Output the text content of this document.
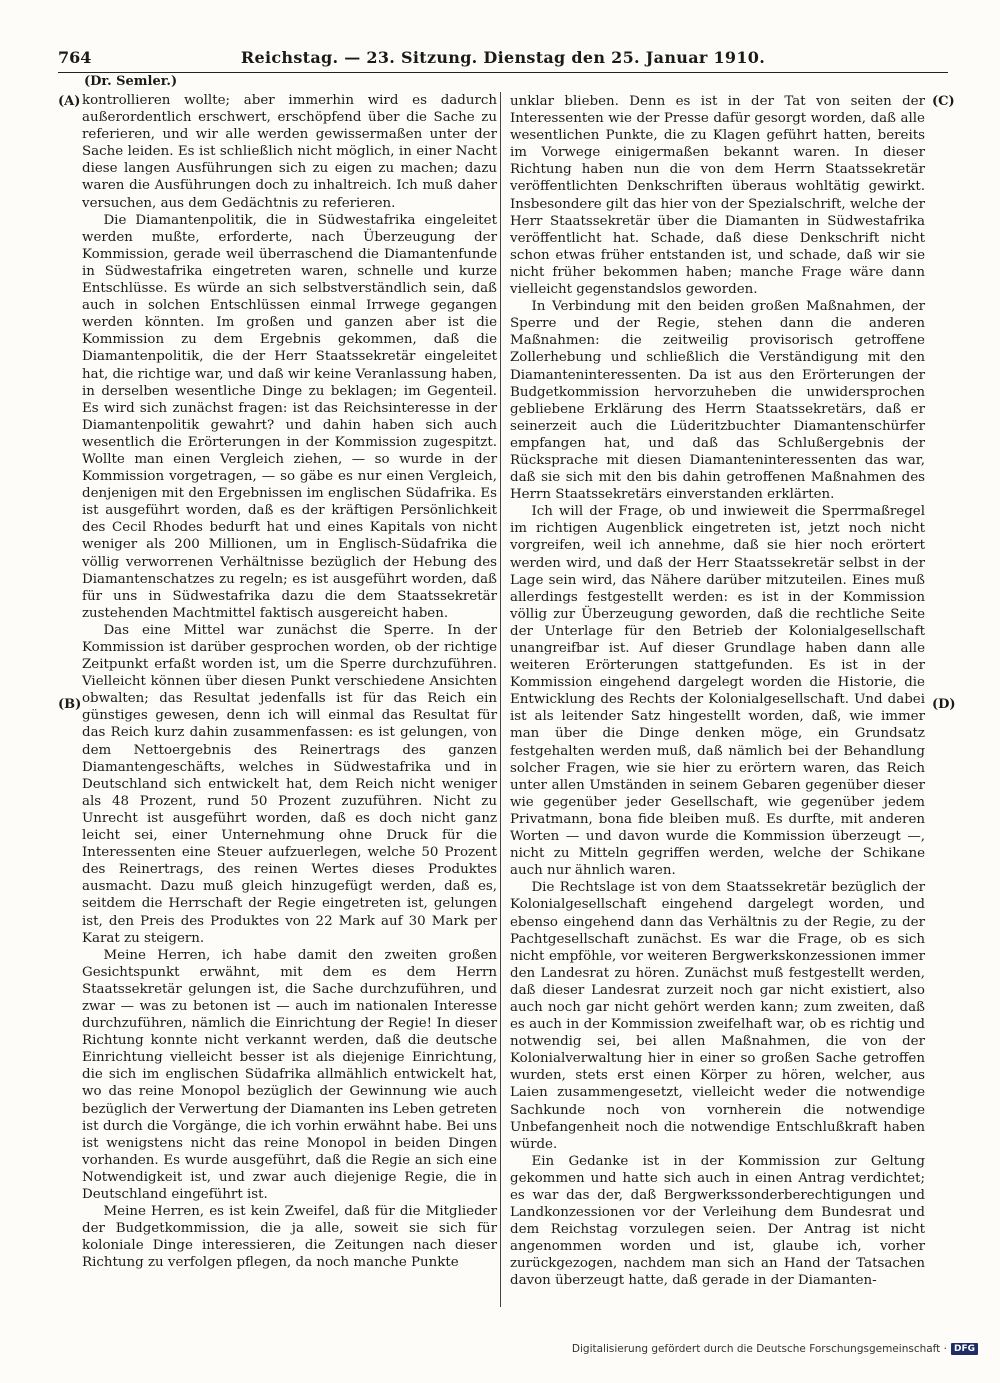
764	Reichstag. — 23. Sitzung. Dienstag den 25. Januar 1910.
(Dr. Semler.)
(A)
(B)
(C)
(D)

kontrollieren wollte; aber immerhin wird es dadurch außerordentlich erschwert, erschöpfend über die Sache zu referieren, und wir alle werden gewissermaßen unter der Sache leiden. Es ist schließlich nicht möglich, in einer Nacht diese langen Ausführungen sich zu eigen zu machen; dazu waren die Ausführungen doch zu inhaltreich. Ich muß daher versuchen, aus dem Gedächtnis zu referieren.

Die Diamantenpolitik, die in Südwestafrika eingeleitet werden mußte, erforderte, nach Überzeugung der Kommission, gerade weil überraschend die Diamantenfunde in Südwestafrika eingetreten waren, schnelle und kurze Entschlüsse. Es würde an sich selbstverständlich sein, daß auch in solchen Entschlüssen einmal Irrwege gegangen werden könnten. Im großen und ganzen aber ist die Kommission zu dem Ergebnis gekommen, daß die Diamantenpolitik, die der Herr Staatssekretär eingeleitet hat, die richtige war, und daß wir keine Veranlassung haben, in derselben wesentliche Dinge zu beklagen; im Gegenteil. Es wird sich zunächst fragen: ist das Reichsinteresse in der Diamantenpolitik gewahrt? und dahin haben sich auch wesentlich die Erörterungen in der Kommission zugespitzt. Wollte man einen Vergleich ziehen, — so wurde in der Kommission vorgetragen, — so gäbe es nur einen Vergleich, denjenigen mit den Ergebnissen im englischen Südafrika. Es ist ausgeführt worden, daß es der kräftigen Persönlichkeit des Cecil Rhodes bedurft hat und eines Kapitals von nicht weniger als 200 Millionen, um in Englisch-Südafrika die völlig verworrenen Verhältnisse bezüglich der Hebung des Diamantenschatzes zu regeln; es ist ausgeführt worden, daß für uns in Südwestafrika dazu die dem Staatssekretär zustehenden Machtmittel faktisch ausgereicht haben.

Das eine Mittel war zunächst die Sperre. In der Kommission ist darüber gesprochen worden, ob der richtige Zeitpunkt erfaßt worden ist, um die Sperre durchzuführen. Vielleicht können über diesen Punkt verschiedene Ansichten obwalten; das Resultat jedenfalls ist für das Reich ein günstiges gewesen, denn ich will einmal das Resultat für das Reich kurz dahin zusammenfassen: es ist gelungen, von dem Nettoergebnis des Reinertrags des ganzen Diamantengeschäfts, welches in Südwestafrika und in Deutschland sich entwickelt hat, dem Reich nicht weniger als 48 Prozent, rund 50 Prozent zuzuführen. Nicht zu Unrecht ist ausgeführt worden, daß es doch nicht ganz leicht sei, einer Unternehmung ohne Druck für die Interessenten eine Steuer aufzuerlegen, welche 50 Prozent des Reinertrags, des reinen Wertes dieses Produktes ausmacht. Dazu muß gleich hinzugefügt werden, daß es, seitdem die Herrschaft der Regie eingetreten ist, gelungen ist, den Preis des Produktes von 22 Mark auf 30 Mark per Karat zu steigern.

Meine Herren, ich habe damit den zweiten großen Gesichtspunkt erwähnt, mit dem es dem Herrn Staatssekretär gelungen ist, die Sache durchzuführen, und zwar — was zu betonen ist — auch im nationalen Interesse durchzuführen, nämlich die Einrichtung der Regie! In dieser Richtung konnte nicht verkannt werden, daß die deutsche Einrichtung vielleicht besser ist als diejenige Einrichtung, die sich im englischen Südafrika allmählich entwickelt hat, wo das reine Monopol bezüglich der Gewinnung wie auch bezüglich der Verwertung der Diamanten ins Leben getreten ist durch die Vorgänge, die ich vorhin erwähnt habe. Bei uns ist wenigstens nicht das reine Monopol in beiden Dingen vorhanden. Es wurde ausgeführt, daß die Regie an sich eine Notwendigkeit ist, und zwar auch diejenige Regie, die in Deutschland eingeführt ist.

Meine Herren, es ist kein Zweifel, daß für die Mitglieder der Budgetkommission, die ja alle, soweit sie sich für koloniale Dinge interessieren, die Zeitungen nach dieser Richtung zu verfolgen pflegen, da noch manche Punkte

unklar blieben. Denn es ist in der Tat von seiten der Interessenten wie der Presse dafür gesorgt worden, daß alle wesentlichen Punkte, die zu Klagen geführt hatten, bereits im Vorwege einigermaßen bekannt waren. In dieser Richtung haben nun die von dem Herrn Staatssekretär veröffentlichten Denkschriften überaus wohltätig gewirkt. Insbesondere gilt das hier von der Spezialschrift, welche der Herr Staatssekretär über die Diamanten in Südwestafrika veröffentlicht hat. Schade, daß diese Denkschrift nicht schon etwas früher entstanden ist, und schade, daß wir sie nicht früher bekommen haben; manche Frage wäre dann vielleicht gegenstandslos geworden.

In Verbindung mit den beiden großen Maßnahmen, der Sperre und der Regie, stehen dann die anderen Maßnahmen: die zeitweilig provisorisch getroffene Zollerhebung und schließlich die Verständigung mit den Diamanteninteressenten. Da ist aus den Erörterungen der Budgetkommission hervorzuheben die unwidersprochen gebliebene Erklärung des Herrn Staatssekretärs, daß er seinerzeit auch die Lüderitzbuchter Diamantenschürfer empfangen hat, und daß das Schlußergebnis der Rücksprache mit diesen Diamanteninteressenten das war, daß sie sich mit den bis dahin getroffenen Maßnahmen des Herrn Staatssekretärs einverstanden erklärten.

Ich will der Frage, ob und inwieweit die Sperrmaßregel im richtigen Augenblick eingetreten ist, jetzt noch nicht vorgreifen, weil ich annehme, daß sie hier noch erörtert werden wird, und daß der Herr Staatssekretär selbst in der Lage sein wird, das Nähere darüber mitzuteilen. Eines muß allerdings festgestellt werden: es ist in der Kommission völlig zur Überzeugung geworden, daß die rechtliche Seite der Unterlage für den Betrieb der Kolonialgesellschaft unangreifbar ist. Auf dieser Grundlage haben dann alle weiteren Erörterungen stattgefunden. Es ist in der Kommission eingehend dargelegt worden die Historie, die Entwicklung des Rechts der Kolonialgesellschaft. Und dabei ist als leitender Satz hingestellt worden, daß, wie immer man über die Dinge denken möge, ein Grundsatz festgehalten werden muß, daß nämlich bei der Behandlung solcher Fragen, wie sie hier zu erörtern waren, das Reich unter allen Umständen in seinem Gebaren gegenüber dieser wie gegenüber jeder Gesellschaft, wie gegenüber jedem Privatmann, bona fide bleiben muß. Es durfte, mit anderen Worten — und davon wurde die Kommission überzeugt —, nicht zu Mitteln gegriffen werden, welche der Schikane auch nur ähnlich waren.

Die Rechtslage ist von dem Staatssekretär bezüglich der Kolonialgesellschaft eingehend dargelegt worden, und ebenso eingehend dann das Verhältnis zu der Regie, zu der Pachtgesellschaft zunächst. Es war die Frage, ob es sich nicht empföhle, vor weiteren Bergwerkskonzessionen immer den Landesrat zu hören. Zunächst muß festgestellt werden, daß dieser Landesrat zurzeit noch gar nicht existiert, also auch noch gar nicht gehört werden kann; zum zweiten, daß es auch in der Kommission zweifelhaft war, ob es richtig und notwendig sei, bei allen Maßnahmen, die von der Kolonialverwaltung hier in einer so großen Sache getroffen wurden, stets erst einen Körper zu hören, welcher, aus Laien zusammengesetzt, vielleicht weder die notwendige Sachkunde noch von vornherein die notwendige Unbefangenheit noch die notwendige Entschlußkraft haben würde.

Ein Gedanke ist in der Kommission zur Geltung gekommen und hatte sich auch in einen Antrag verdichtet; es war das der, daß Bergwerkssonderberechtigungen und Landkonzessionen vor der Verleihung dem Bundesrat und dem Reichstag vorzulegen seien. Der Antrag ist nicht angenommen worden und ist, glaube ich, vorher zurückgezogen, nachdem man sich an Hand der Tatsachen davon überzeugt hatte, daß gerade in der Diamanten-

Digitalisierung gefördert durch die Deutsche Forschungsgemeinschaft · DFG
